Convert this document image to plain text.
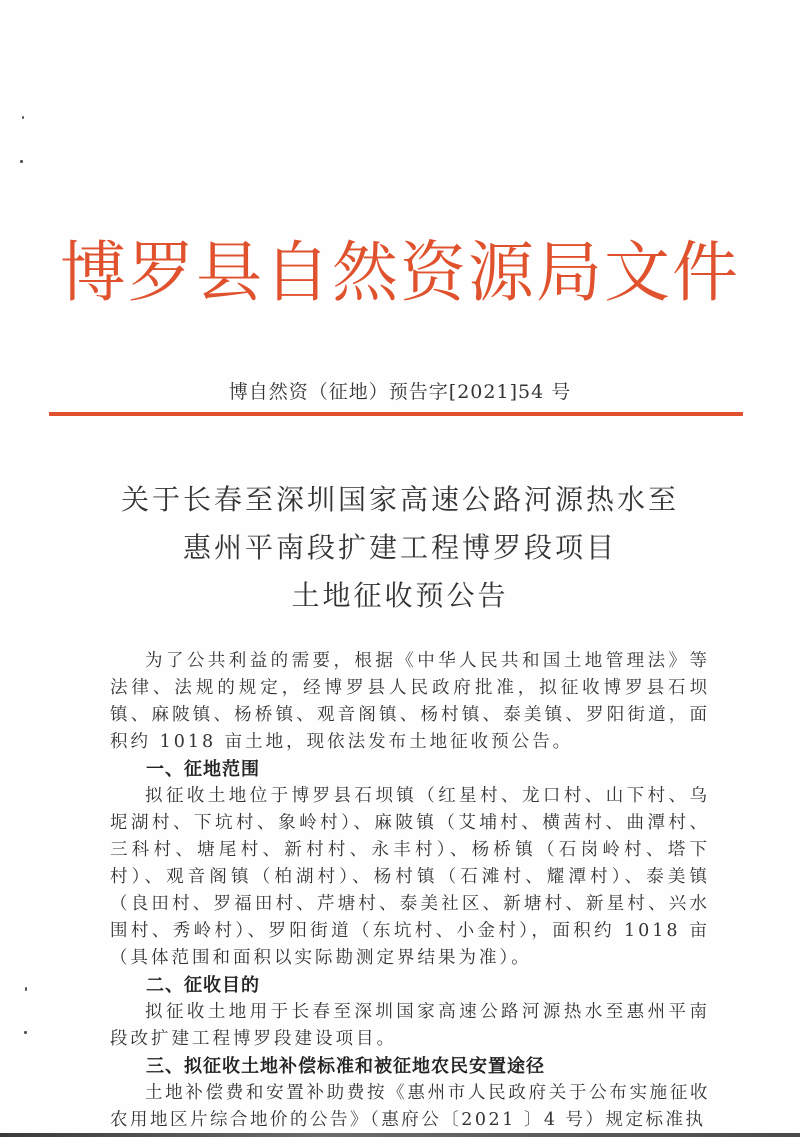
博罗县自然资源局文件
博自然资（征地）预告字[2021]54 号
关于长春至深圳国家高速公路河源热水至
惠州平南段扩建工程博罗段项目
土地征收预公告

为了公共利益的需要，根据《中华人民共和国土地管理法》等 法律、法规的规定，经博罗县人民政府批准，拟征收博罗县石坝镇、麻陂镇、杨桥镇、观音阁镇、杨村镇、泰美镇、罗阳街道，面积约 1018 亩土地，现依法发布土地征收预公告。

一、征地范围

拟征收土地位于博罗县石坝镇（红星村、龙口村、山下村、乌坭湖村、下坑村、象岭村）、麻陂镇（艾埔村、横茜村、曲潭村、三科村、塘尾村、新村村、永丰村）、杨桥镇（石岗岭村、塔下村）、观音阁镇（柏湖村）、杨村镇（石滩村、耀潭村）、泰美镇（良田村、罗福田村、芹塘村、泰美社区、新塘村、新星村、兴水围村、秀岭村）、罗阳街道（东坑村、小金村），面积约 1018 亩（具体范围和面积以实际勘测定界结果为准）。

二、征收目的

拟征收土地用于长春至深圳国家高速公路河源热水至惠州平南段改扩建工程博罗段建设项目。

三、拟征收土地补偿标准和被征地农民安置途径

土地补偿费和安置补助费按《惠州市人民政府关于公布实施征收农用地区片综合地价的公告》（惠府公〔2021 〕4 号）规定标准执
